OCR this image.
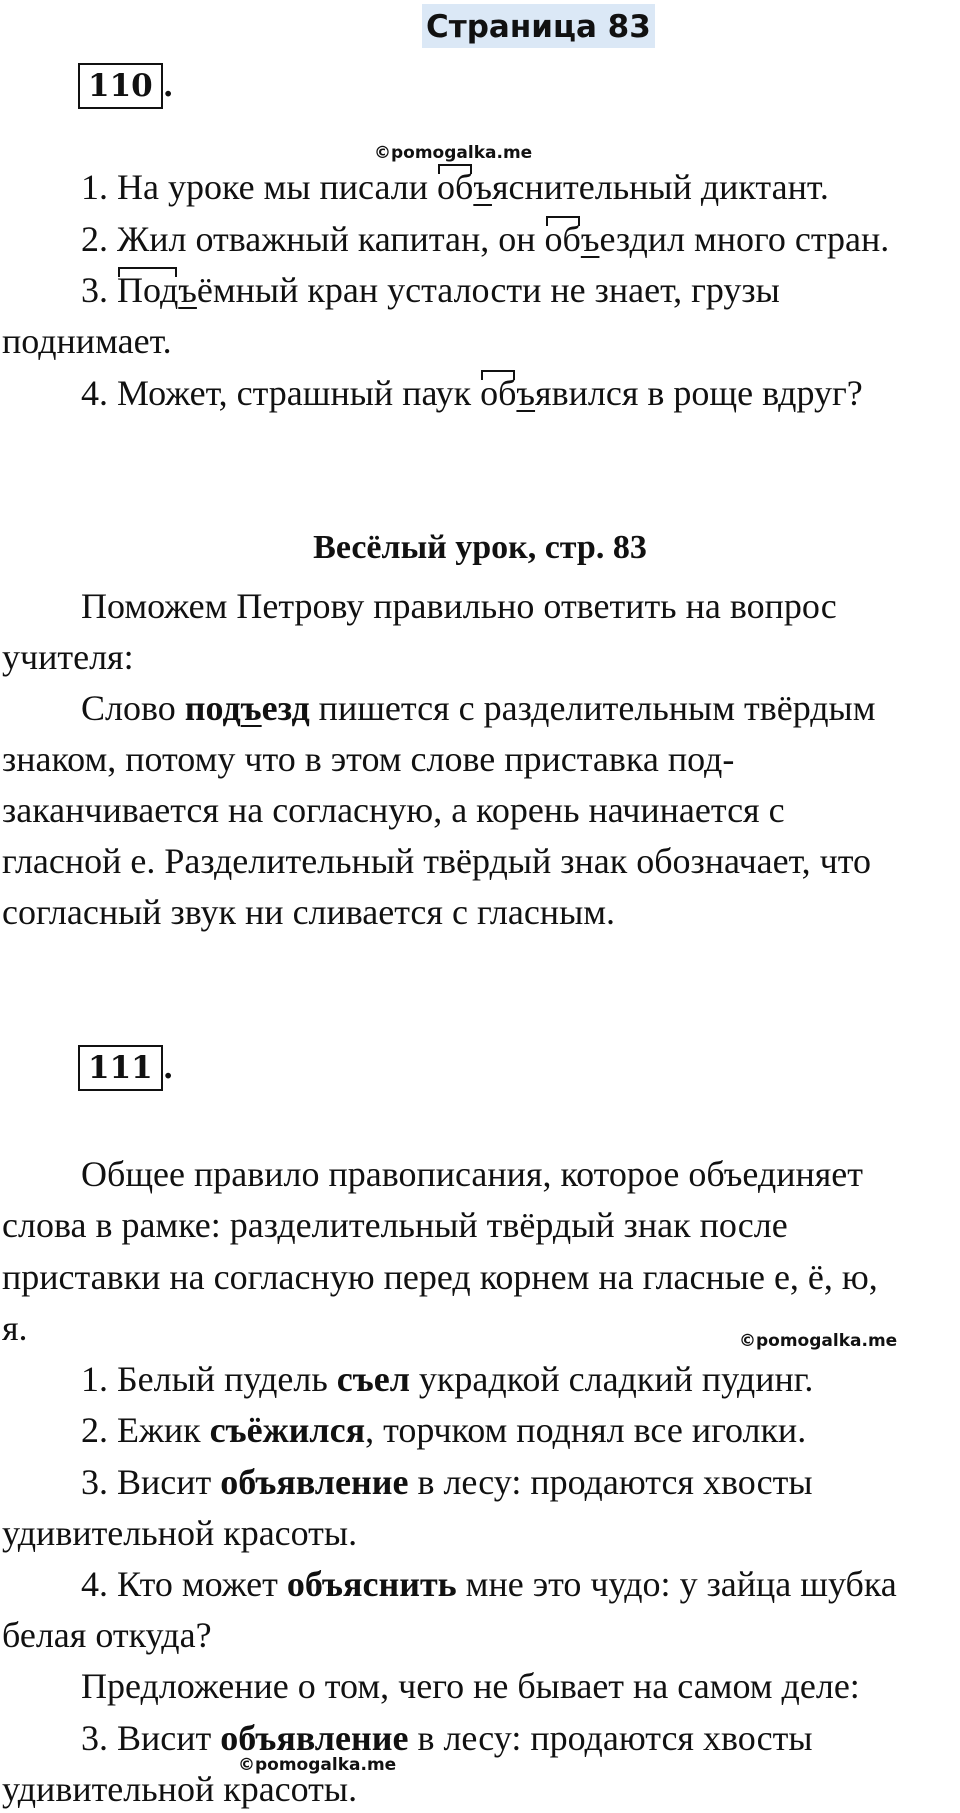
Страница 83
110 .
©pomogalka.me

1. На уроке мы писали объяснительный диктант.

2. Жил отважный капитан, он объездил много стран.

3. Подъёмный кран усталости не знает, грузы

поднимает.

4. Может, страшный паук объявился в роще вдруг?

Весёлый урок, стр. 83

Поможем Петрову правильно ответить на вопрос

учителя:

Слово подъезд пишется с разделительным твёрдым

знаком, потому что в этом слове приставка под-

заканчивается на согласную, а корень начинается с

гласной е. Разделительный твёрдый знак обозначает, что

согласный звук ни сливается с гласным.

111 .

Общее правило правописания, которое объединяет

слова в рамке: разделительный твёрдый знак после

приставки на согласную перед корнем на гласные е, ё, ю,

я.	©pomogalka.me

1. Белый пудель съел украдкой сладкий пудинг.

2. Ежик съёжился, торчком поднял все иголки.

3. Висит объявление в лесу: продаются хвосты

удивительной красоты.

4. Кто может объяснить мне это чудо: у зайца шубка

белая откуда?

Предложение о том, чего не бывает на самом деле:

3. Висит объявление в лесу: продаются хвосты

©pomogalka.me

удивительной красоты.
